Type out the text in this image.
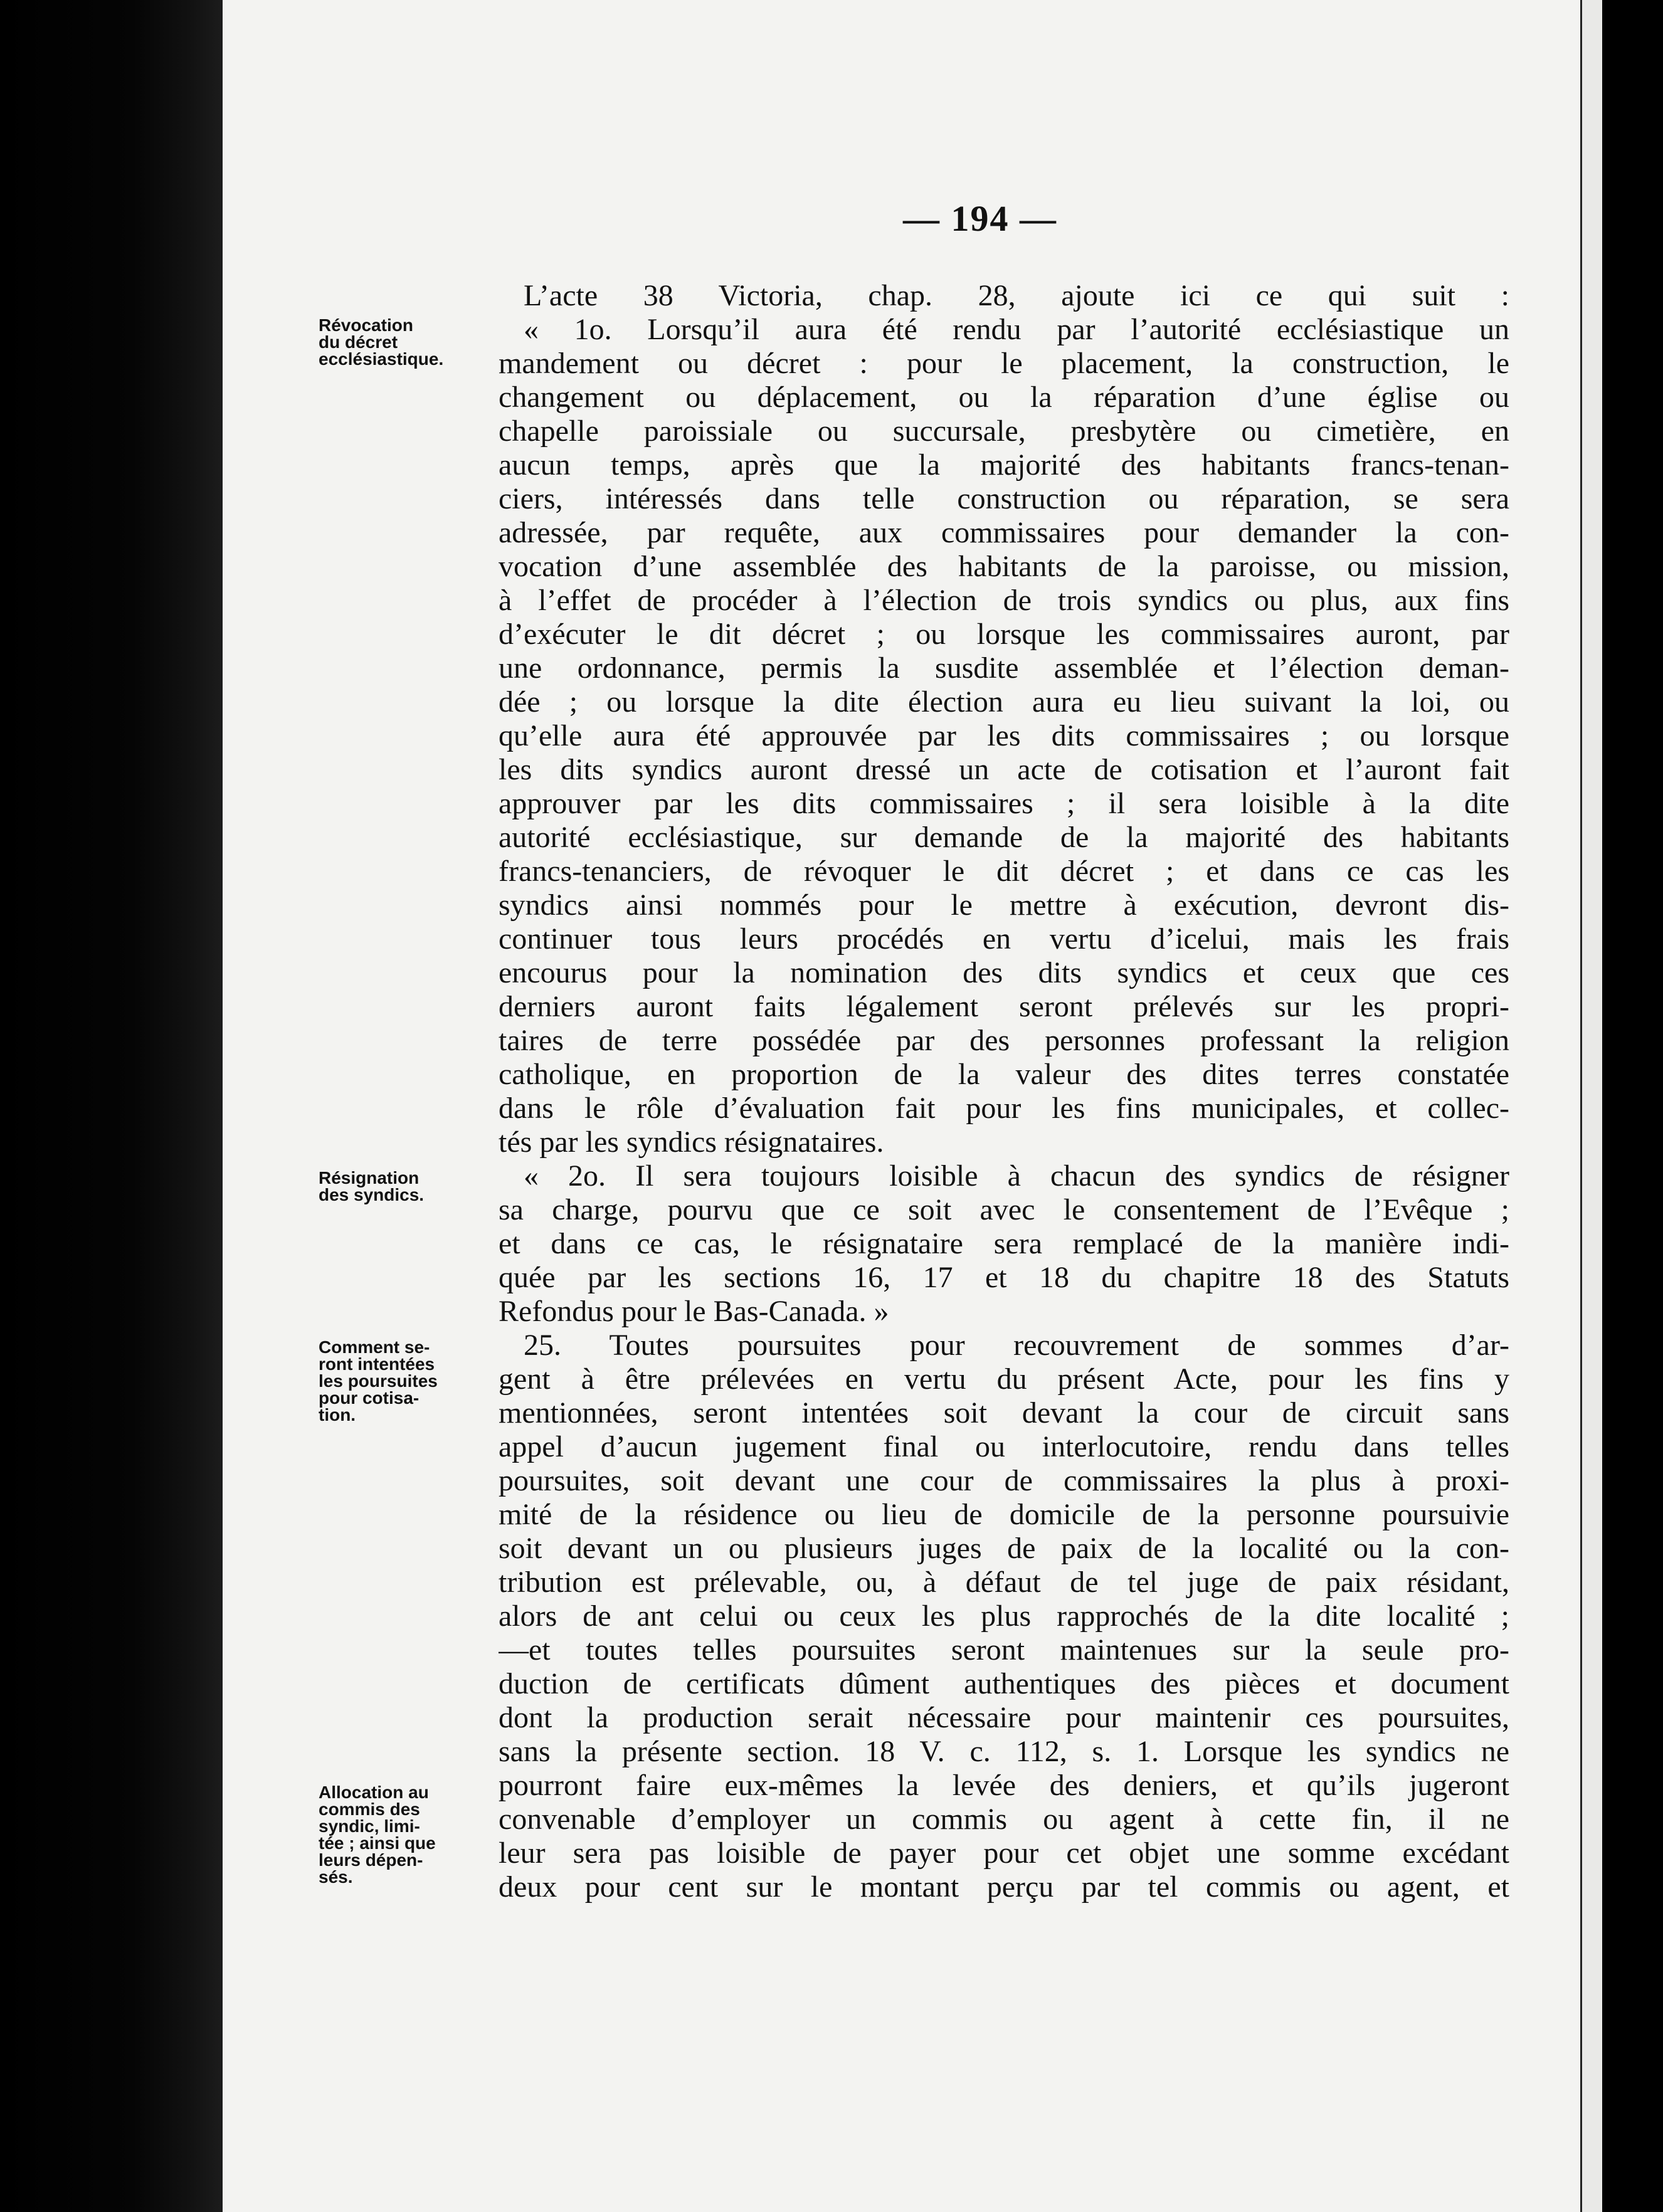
— 194 —
Révocation
du décret
ecclésiastique.
Résignation
des syndics.
Comment se-
ront intentées
les poursuites
pour cotisa-
tion.
Allocation au
commis des
syndic, limi-
tée ; ainsi que
leurs dépen-
sés.
L’acte 38 Victoria, chap. 28, ajoute ici ce qui suit :
« 1o. Lorsqu’il aura été rendu par l’autorité ecclésiastique un
mandement ou décret : pour le placement, la construction, le
changement ou déplacement, ou la réparation d’une église ou
chapelle paroissiale ou succursale, presbytère ou cimetière, en
aucun temps, après que la majorité des habitants francs-tenan-
ciers, intéressés dans telle construction ou réparation, se sera
adressée, par requête, aux commissaires pour demander la con-
vocation d’une assemblée des habitants de la paroisse, ou mission,
à l’effet de procéder à l’élection de trois syndics ou plus, aux fins
d’exécuter le dit décret ; ou lorsque les commissaires auront, par
une ordonnance, permis la susdite assemblée et l’élection deman-
dée ; ou lorsque la dite élection aura eu lieu suivant la loi, ou
qu’elle aura été approuvée par les dits commissaires ; ou lorsque
les dits syndics auront dressé un acte de cotisation et l’auront fait
approuver par les dits commissaires ; il sera loisible à la dite
autorité ecclésiastique, sur demande de la majorité des habitants
francs-tenanciers, de révoquer le dit décret ; et dans ce cas les
syndics ainsi nommés pour le mettre à exécution, devront dis-
continuer tous leurs procédés en vertu d’icelui, mais les frais
encourus pour la nomination des dits syndics et ceux que ces
derniers auront faits légalement seront prélevés sur les propri-
taires de terre possédée par des personnes professant la religion
catholique, en proportion de la valeur des dites terres constatée
dans le rôle d’évaluation fait pour les fins municipales, et collec-
tés par les syndics résignataires.
« 2o. Il sera toujours loisible à chacun des syndics de résigner
sa charge, pourvu que ce soit avec le consentement de l’Evêque ;
et dans ce cas, le résignataire sera remplacé de la manière indi-
quée par les sections 16, 17 et 18 du chapitre 18 des Statuts
Refondus pour le Bas-Canada. »
25. Toutes poursuites pour recouvrement de sommes d’ar-
gent à être prélevées en vertu du présent Acte, pour les fins y
mentionnées, seront intentées soit devant la cour de circuit sans
appel d’aucun jugement final ou interlocutoire, rendu dans telles
poursuites, soit devant une cour de commissaires la plus à proxi-
mité de la résidence ou lieu de domicile de la personne poursuivie
soit devant un ou plusieurs juges de paix de la localité ou la con-
tribution est prélevable, ou, à défaut de tel juge de paix résidant,
alors de ant celui ou ceux les plus rapprochés de la dite localité ;
—et toutes telles poursuites seront maintenues sur la seule pro-
duction de certificats dûment authentiques des pièces et document
dont la production serait nécessaire pour maintenir ces poursuites,
sans la présente section. 18 V. c. 112, s. 1. Lorsque les syndics ne
pourront faire eux-mêmes la levée des deniers, et qu’ils jugeront
convenable d’employer un commis ou agent à cette fin, il ne
leur sera pas loisible de payer pour cet objet une somme excédant
deux pour cent sur le montant perçu par tel commis ou agent, et
